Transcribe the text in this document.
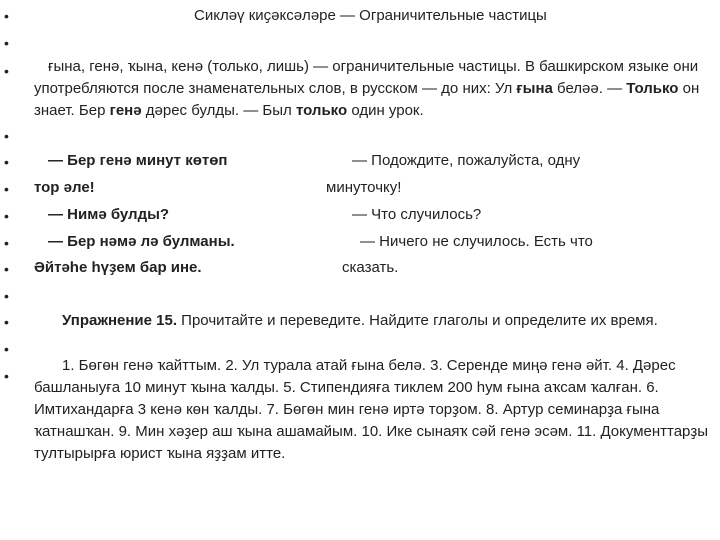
•
•
•
•
•
•
•
•
•
•
•
•
•
Сикләү киҫәксәләре — Ограничительные частицы
ғына, генә, ҡына, кенә (только, лишь) — ограничительные частицы. В башкирском языке они употребляются после знаменательных слов, в русском — до них: Ул ғына беләә. — Только он знает. Бер генә дәрес булды. — Был только один урок.
— Бер генә минут көтөп
тор әле!
— Нимә булды?
— Бер нәмә лә булманы.
Әйтәһе һүҙем бар ине.
— Подождите, пожалуйста, одну
минуточку!
— Что случилось?
— Ничего не случилось. Есть что
сказать.
Упражнение 15. Прочитайте и переведите. Найдите глаголы и определите их время.
1. Бөгөн генә ҡайттым. 2. Ул турала атай ғына белә. 3. Серенде миңә генә әйт. 4. Дәрес башланыуға 10 минут ҡына ҡалды. 5. Стипендияға тиклем 200 һум ғына аҡсам ҡалған. 6. Имтихандарға 3 кенә көн ҡалды. 7. Бөгөн мин генә иртә торҙом. 8. Артур семинарҙа ғына ҡатнашҡан. 9. Мин хәҙер аш ҡына ашамайым. 10. Ике сынаяҡ сәй генә эсәм. 11. Документтарҙы тултырырға юрист ҡына яҙҙам итте.
